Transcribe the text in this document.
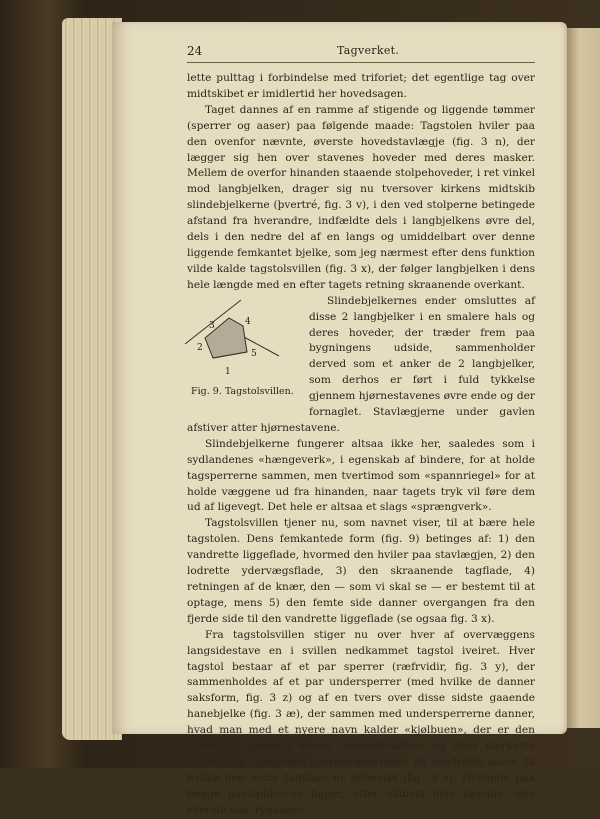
24	Tagverket.

lette pulttag i forbindelse med triforiet; det egentlige tag over midtskibet er imidlertid her hovedsagen.

Taget dannes af en ramme af stigende og liggende tømmer (sperrer og aaser) paa følgende maade: Tagstolen hviler paa den ovenfor nævnte, øverste hovedstavlægje (fig. 3 n), der lægger sig hen over stavenes hoveder med deres masker. Mellem de overfor hinanden staaende stolpehoveder, i ret vinkel mod langbjelken, drager sig nu tversover kirkens midtskib slindebjelkerne (þvertré, fig. 3 v), i den ved stolperne betingede afstand fra hverandre, indfældte dels i langbjelkens øvre del, dels i den nedre del af en langs og umiddelbart over denne liggende femkantet bjelke, som jeg nærmest efter dens funktion vilde kalde tagstolsvillen (fig. 3 x), der følger langbjelken i dens hele længde med en efter tagets retning skraanende overkant.

1
2
3	4
5
Fig. 9. Tagstolsvillen.

Slindebjelkernes ender omsluttes af disse 2 langbjelker i en smalere hals og deres hoveder, der træder frem paa bygningens udside, sammenholder derved som et anker de 2 langbjelker, som derhos er ført i fuld tykkelse gjennem hjørnestavenes øvre ende og der fornaglet. Stavlægjerne under gavlen afstiver atter hjørnestavene.

Slindebjelkerne fungerer altsaa ikke her, saaledes som i sydlandenes «hængeverk», i egenskab af bindere, for at holde tagsperrerne sammen, men tvertimod som «spannriegel» for at holde væggene ud fra hinanden, naar tagets tryk vil føre dem ud af ligevegt. Det hele er altsaa et slags «sprængverk».

Tagstolsvillen tjener nu, som navnet viser, til at bære hele tagstolen. Dens femkantede form (fig. 9) betinges af: 1) den vandrette liggeflade, hvormed den hviler paa stavlægjen, 2) den lodrette ydervægsflade, 3) den skraanende tagflade, 4) retningen af de knær, den — som vi skal se — er bestemt til at optage, mens 5) den femte side danner overgangen fra den fjerde side til den vandrette liggeflade (se ogsaa fig. 3 x).

Fra tagstolsvillen stiger nu over hver af overvæggens langsidestave en i svillen nedkammet tagstol iveiret. Hver tagstol bestaar af et par sperrer (ræfrvidir, fig. 3 y), der sammenholdes af et par undersperrer (med hvilke de danner saksform, fig. 3 z) og af en tvers over disse sidste gaaende hanebjelke (fig. 3 æ), der sammen med undersperrerne danner, hvad man med et nyere navn kalder «kjølbuen», der er den egentlige binder i denne tagkonstruktion og dens sterkeste punkt. Paa tagstolens sperrer anbringes de vandrette aaser, til hvilke den indre tagflade er befæstet (fig. 3 ø). Hvilende paa begge gavlspidserne ligger, efter skibets hele længde, den øverste aas, rygaasen
